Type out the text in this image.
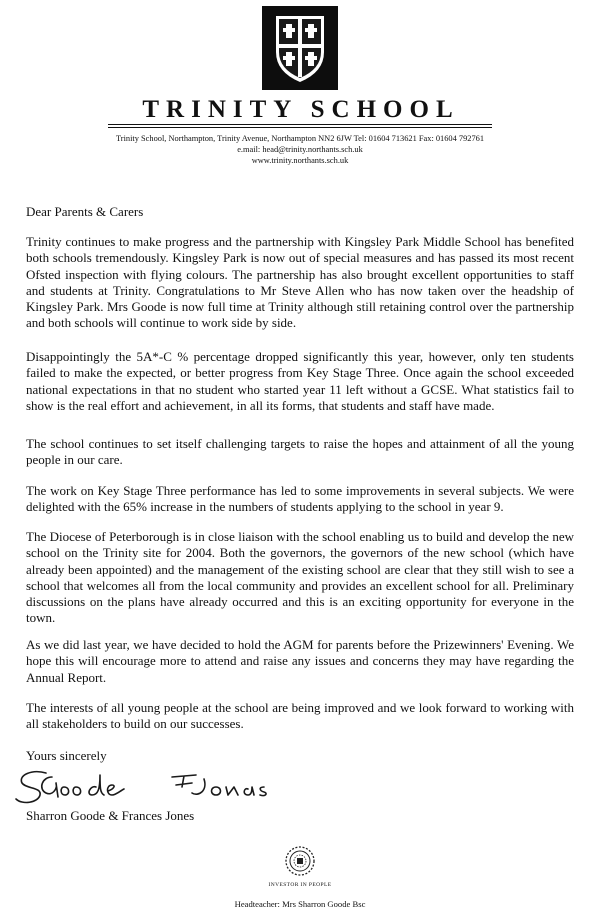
TRINITY SCHOOL
Trinity School, Northampton, Trinity Avenue, Northampton NN2 6JW Tel: 01604 713621 Fax: 01604 792761
e.mail: head@trinity.northants.sch.uk
www.trinity.northants.sch.uk

Dear Parents & Carers

Trinity continues to make progress and the partnership with Kingsley Park Middle School has benefited both schools tremendously. Kingsley Park is now out of special measures and has passed its most recent Ofsted inspection with flying colours. The partnership has also brought excellent opportunities to staff and students at Trinity. Congratulations to Mr Steve Allen who has now taken over the headship of Kingsley Park. Mrs Goode is now full time at Trinity although still retaining control over the partnership and both schools will continue to work side by side.

Disappointingly the 5A*-C % percentage dropped significantly this year, however, only ten students failed to make the expected, or better progress from Key Stage Three. Once again the school exceeded national expectations in that no student who started year 11 left without a GCSE. What statistics fail to show is the real effort and achievement, in all its forms, that students and staff have made.

The school continues to set itself challenging targets to raise the hopes and attainment of all the young people in our care.

The work on Key Stage Three performance has led to some improvements in several subjects. We were delighted with the 65% increase in the numbers of students applying to the school in year 9.

The Diocese of Peterborough is in close liaison with the school enabling us to build and develop the new school on the Trinity site for 2004. Both the governors, the governors of the new school (which have already been appointed) and the management of the existing school are clear that they still wish to see a school that welcomes all from the local community and provides an excellent school for all. Preliminary discussions on the plans have already occurred and this is an exciting opportunity for everyone in the town.

As we did last year, we have decided to hold the AGM for parents before the Prizewinners' Evening. We hope this will encourage more to attend and raise any issues and concerns they may have regarding the Annual Report.

The interests of all young people at the school are being improved and we look forward to working with all stakeholders to build on our successes.

Yours sincerely

Sharron Goode & Frances Jones

INVESTOR IN PEOPLE
Headteacher: Mrs Sharron Goode Bsc
